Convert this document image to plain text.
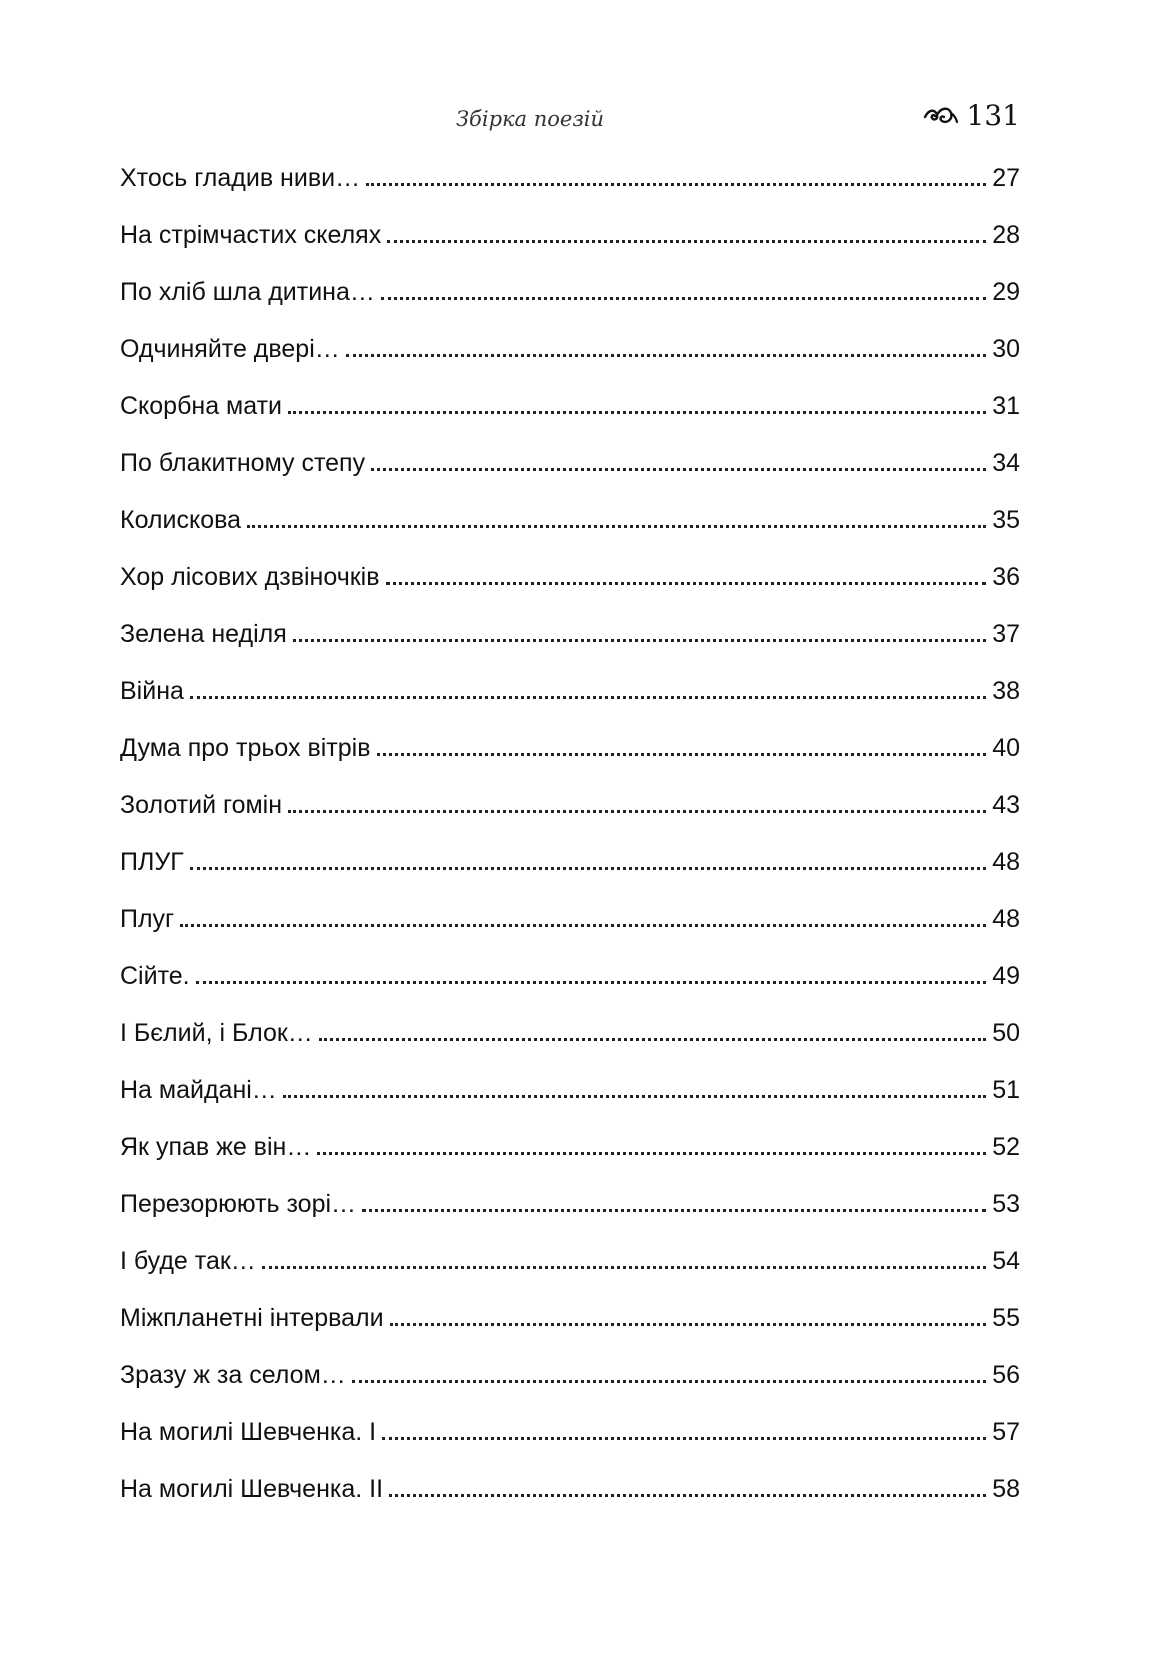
Збірка поезій	131
Хтось гладив ниви…	27
На стрімчастих скелях	28
По хліб шла дитина…	29
Одчиняйте двері…	30
Скорбна мати	31
По блакитному степу	34
Колискова	35
Хор лісових дзвіночків	36
Зелена неділя	37
Війна	38
Дума про трьох вітрів	40
Золотий гомін	43
ПЛУГ	48
Плуг	48
Сійте.	49
І Бєлий, і Блок…	50
На майдані…	51
Як упав же він…	52
Перезорюють зорі…	53
І буде так…	54
Міжпланетні інтервали	55
Зразу ж за селом…	56
На могилі Шевченка. І	57
На могилі Шевченка. ІІ	58
